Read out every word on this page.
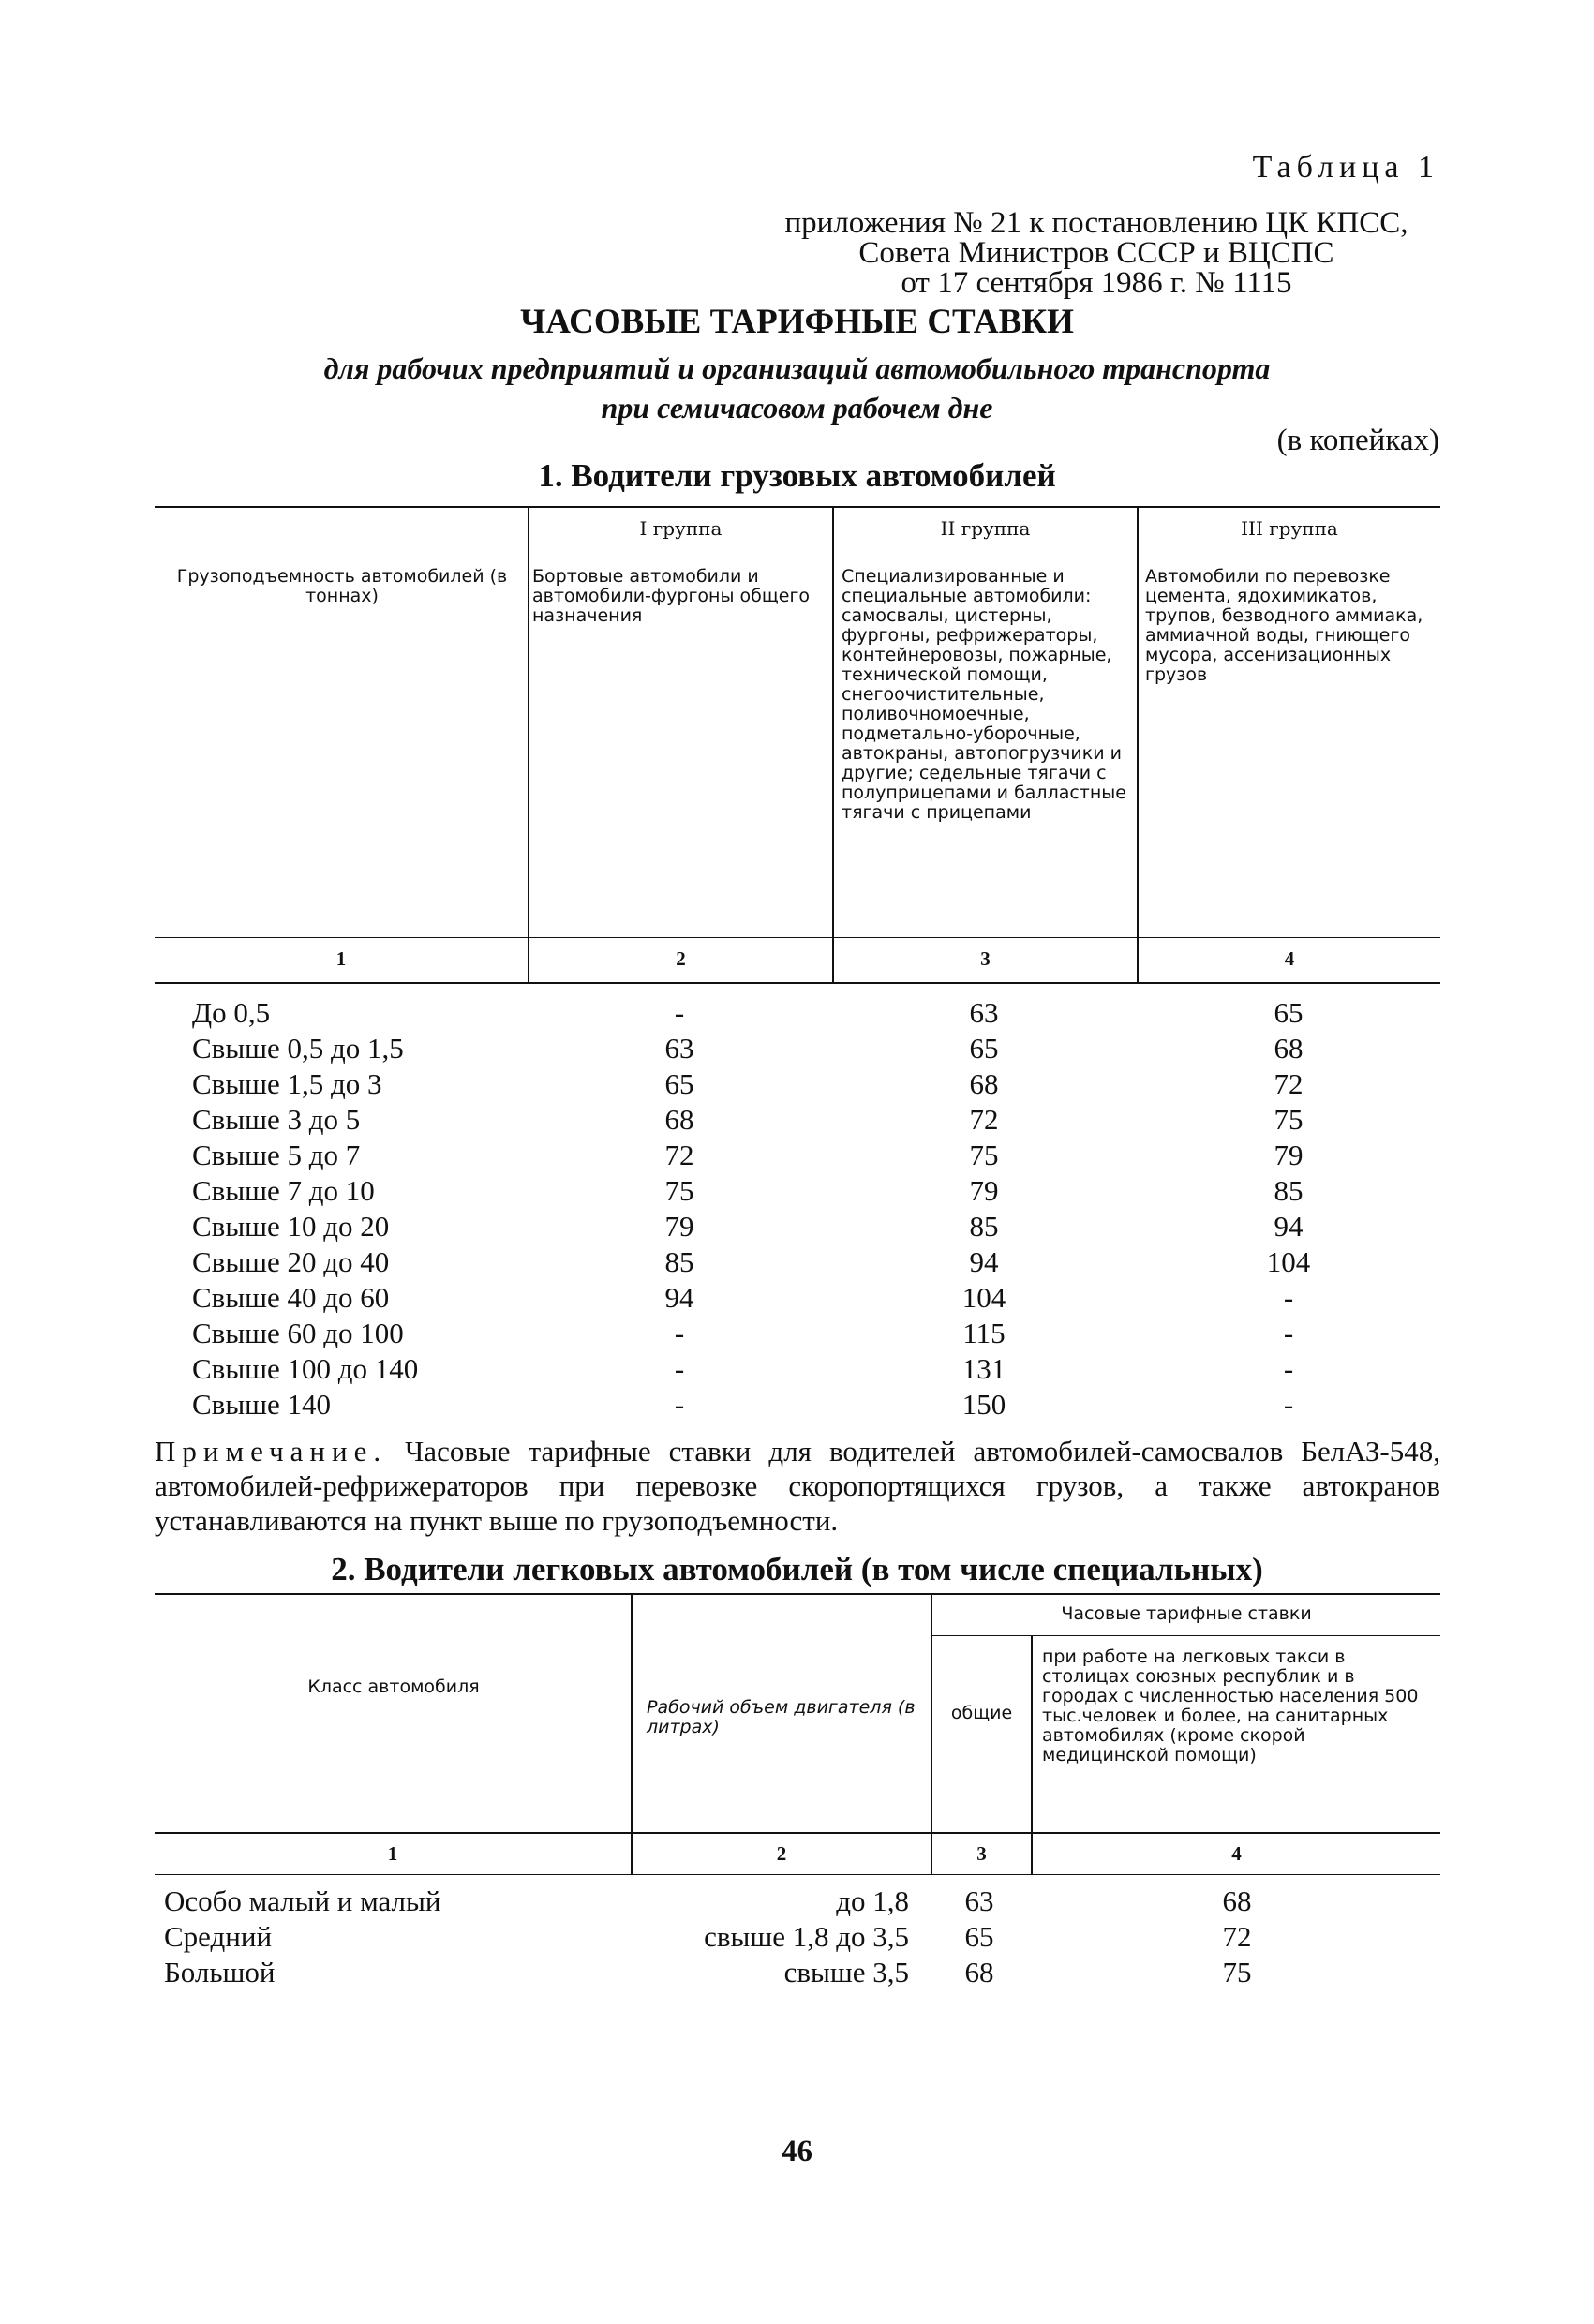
Таблица 1
приложения № 21 к постановлению ЦК КПСС,
Совета Министров СССР и ВЦСПС
от 17 сентября 1986 г. № 1115
ЧАСОВЫЕ ТАРИФНЫЕ СТАВКИ
для рабочих предприятий и организаций автомобильного транспорта
при семичасовом рабочем дне
(в копейках)
1. Водители грузовых автомобилей
Грузоподъемность автомобилей (в тоннах)
I группа	II группа	III группа
Бортовые автомобили и автомобили-фургоны общего назначения
Специализированные и специальные автомобили: самосвалы, цистерны, фургоны, рефрижераторы, контейнеровозы, пожарные, технической помощи, снегоочистительные, поливочномоечные, подметально-уборочные, автокраны, автопогрузчики и другие; седельные тягачи с полуприцепами и балластные тягачи с прицепами
Автомобили по перевозке цемента, ядохимикатов, трупов, безводного аммиака, аммиачной воды, гниющего мусора, ассенизационных грузов
1	2	3	4
До 0,5	-	63	65
Свыше 0,5 до 1,5	63	65	68
Свыше 1,5 до 3	65	68	72
Свыше 3 до 5	68	72	75
Свыше 5 до 7	72	75	79
Свыше 7 до 10	75	79	85
Свыше 10 до 20	79	85	94
Свыше 20 до 40	85	94	104
Свыше 40 до 60	94	104	-
Свыше 60 до 100	-	115	-
Свыше 100 до 140	-	131	-
Свыше 140	-	150	-
Примечание. Часовые тарифные ставки для водителей автомобилей-самосвалов БелАЗ-548, автомобилей-рефрижераторов при перевозке скоропортящихся грузов, а также автокранов устанавливаются на пункт выше по грузоподъемности.
2. Водители легковых автомобилей (в том числе специальных)
Класс автомобиля
Рабочий объем двигателя (в литрах)
Часовые тарифные ставки
общие
при работе на легковых такси в столицах союзных республик и в городах с численностью населения 500 тыс.человек и более, на санитарных автомобилях (кроме скорой медицинской помощи)
1	2	3	4
Особо малый и малый	до 1,8	63	68
Средний	свыше 1,8 до 3,5	65	72
Большой	свыше 3,5	68	75
46
